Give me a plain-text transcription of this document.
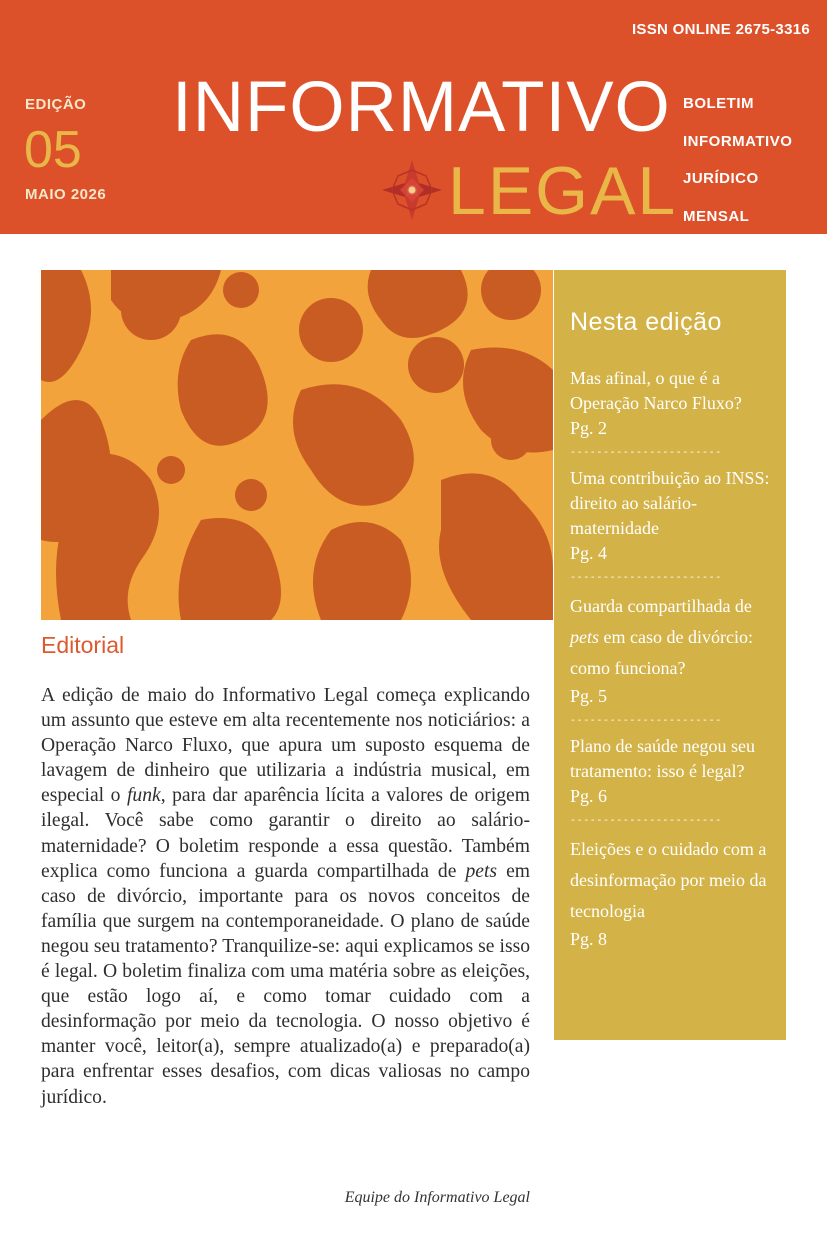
ISSN ONLINE 2675-3316
EDIÇÃO
05
MAIO 2026
INFORMATIVO
LEGAL
BOLETIM
INFORMATIVO
JURÍDICO
MENSAL
Nesta edição
Mas afinal, o que é a Operação Narco Fluxo?
Pg. 2
-----------------------
Uma contribuição ao INSS: direito ao salário-maternidade
Pg. 4
-----------------------
Guarda compartilhada de pets em caso de divórcio: como funciona?
Pg. 5
-----------------------
Plano de saúde negou seu tratamento: isso é legal?
Pg. 6
-----------------------
Eleições e o cuidado com a desinformação por meio da tecnologia
Pg. 8
Editorial

A edição de maio do Informativo Legal começa explicando um assunto que esteve em alta recentemente nos noticiários: a Operação Narco Fluxo, que apura um suposto esquema de lavagem de dinheiro que utilizaria a indústria musical, em especial o funk, para dar aparência lícita a valores de origem ilegal. Você sabe como garantir o direito ao salário-maternidade? O boletim responde a essa questão. Também explica como funciona a guarda compartilhada de pets em caso de divórcio, importante para os novos conceitos de família que surgem na contemporaneidade. O plano de saúde negou seu tratamento? Tranquilize-se: aqui explicamos se isso é legal. O boletim finaliza com uma matéria sobre as eleições, que estão logo aí, e como tomar cuidado com a desinformação por meio da tecnologia. O nosso objetivo é manter você, leitor(a), sempre atualizado(a) e preparado(a) para enfrentar esses desafios, com dicas valiosas no campo jurídico.

Equipe do Informativo Legal
